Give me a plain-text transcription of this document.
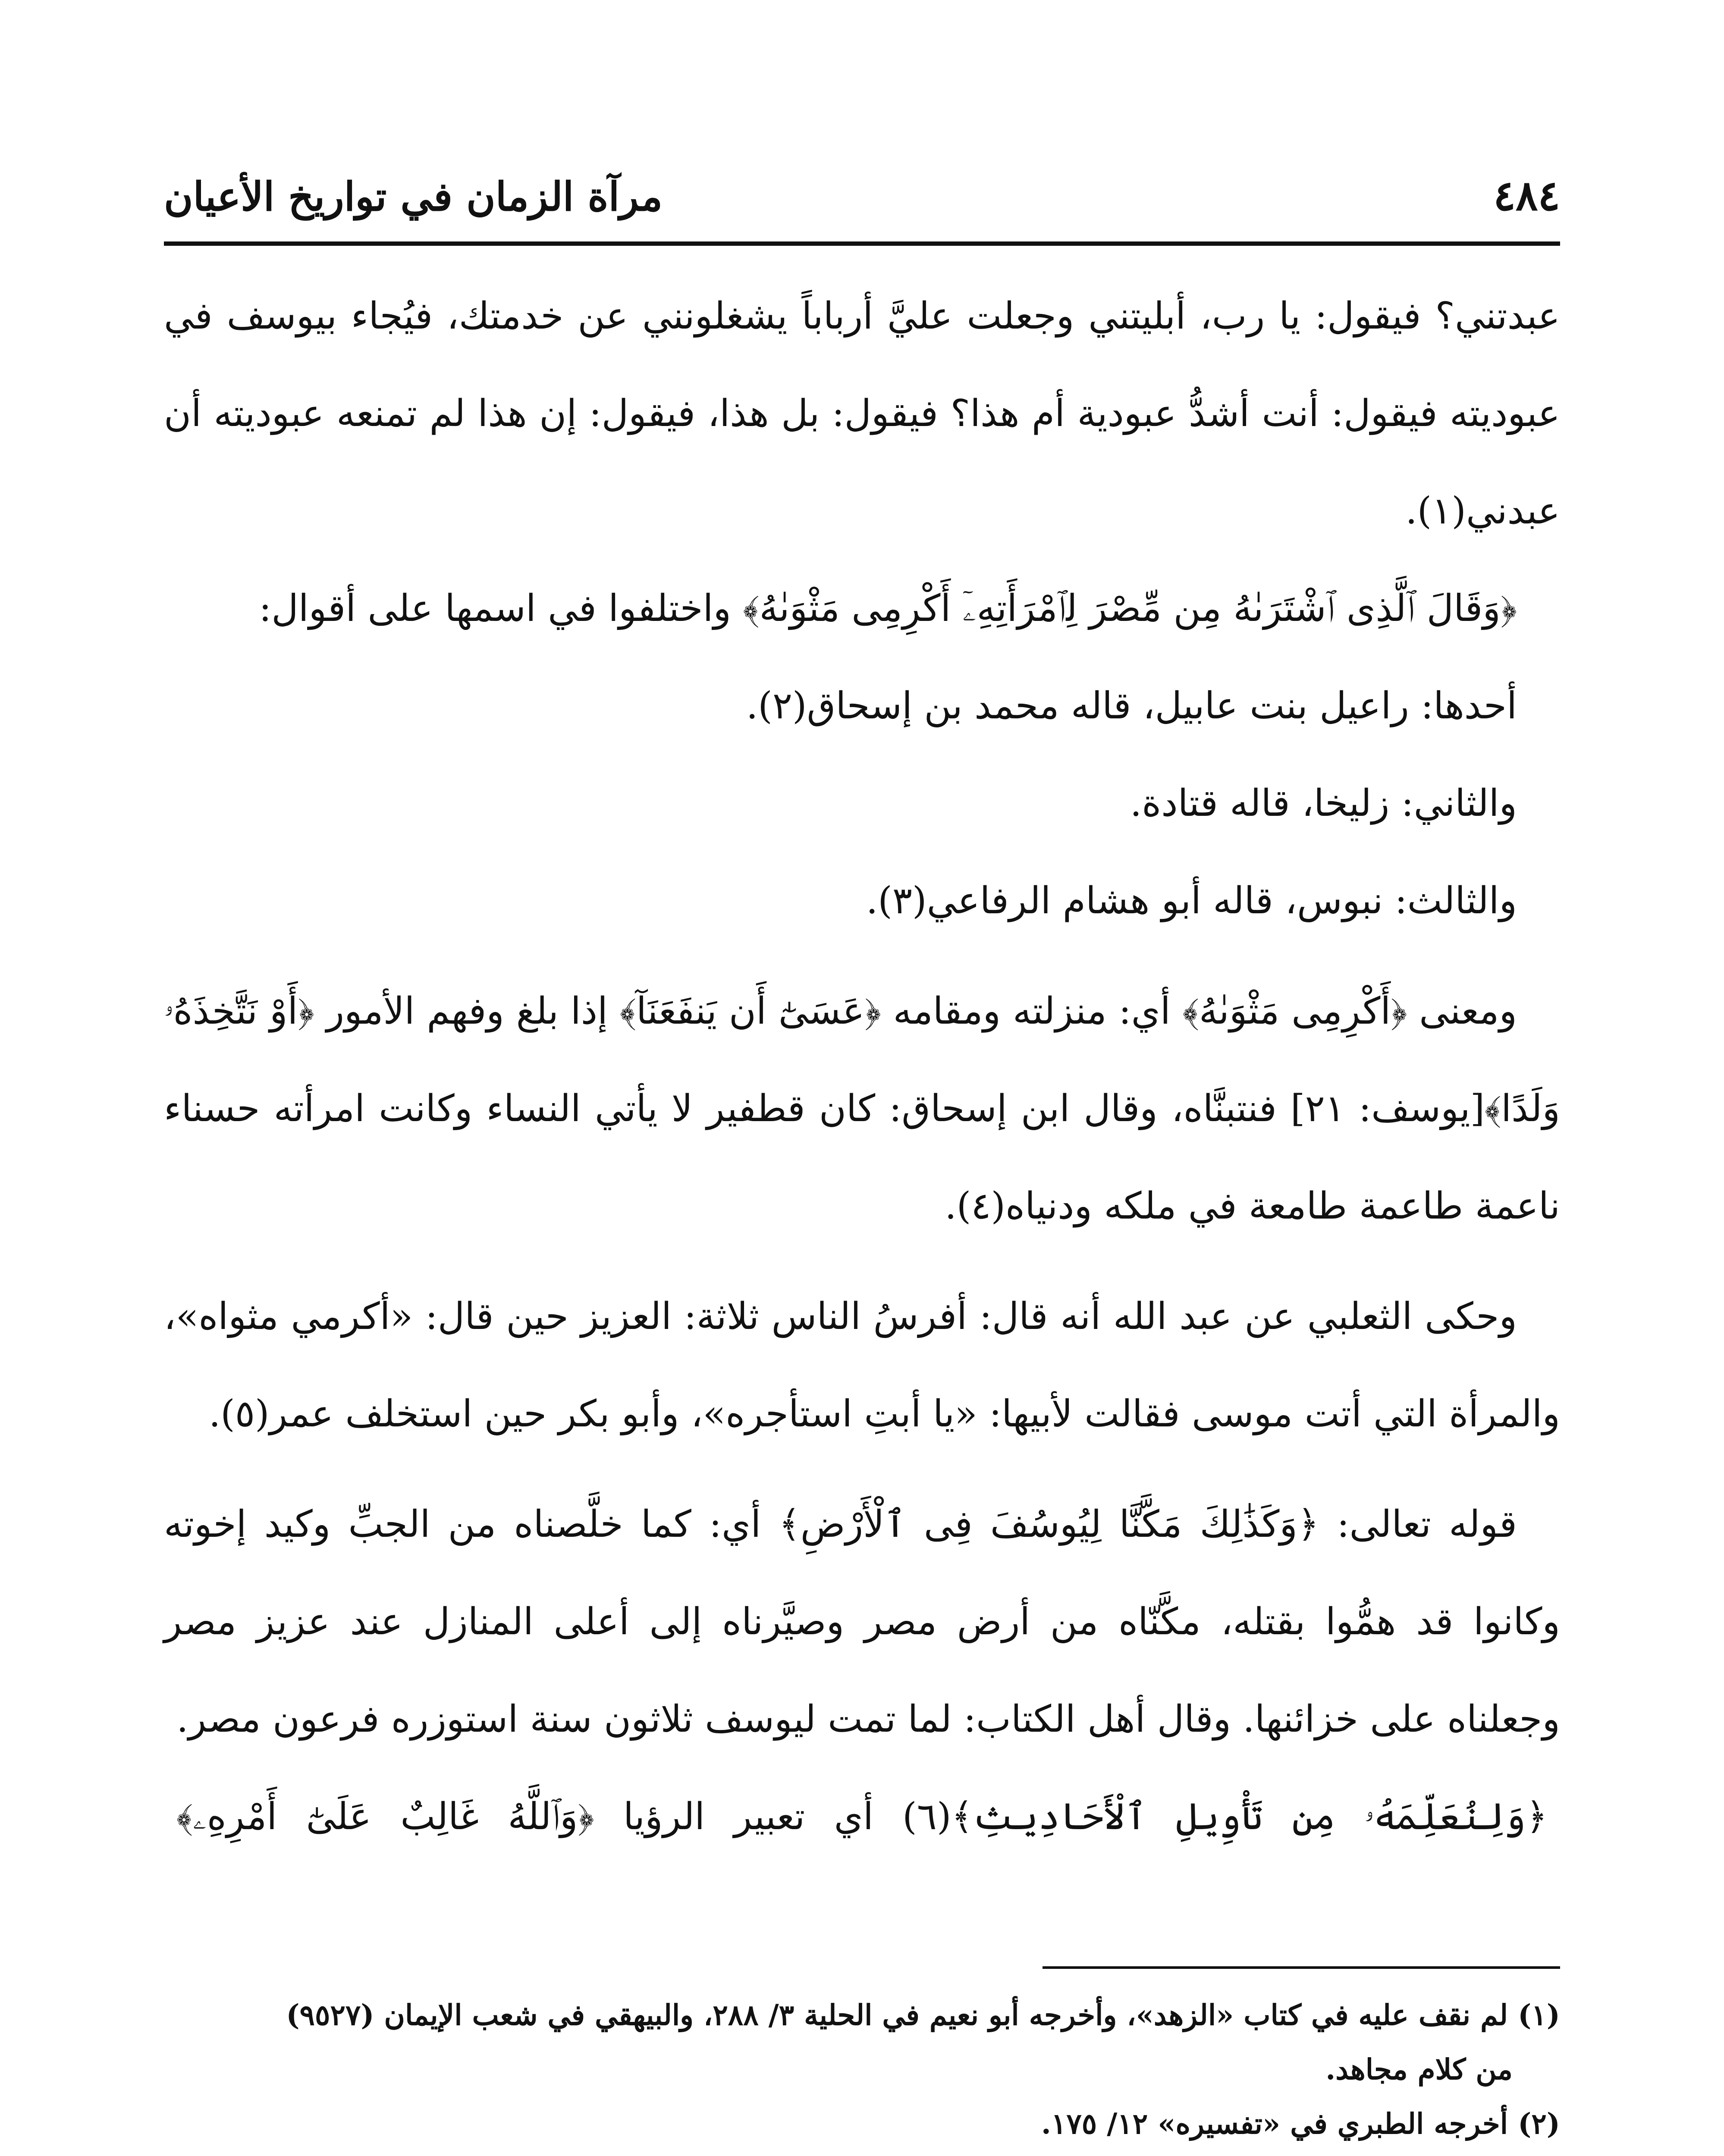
٤٨٤
مرآة الزمان في تواريخ الأعيان

عبدتني؟ فيقول: يا رب، أبليتني وجعلت عليَّ أرباباً يشغلونني عن خدمتك، فيُجاء بيوسف في عبوديته فيقول: أنت أشدُّ عبودية أم هذا؟ فيقول: بل هذا، فيقول: إن هذا لم تمنعه عبوديته أن عبدني(١).

﴿وَقَالَ ٱلَّذِى ٱشْتَرَىٰهُ مِن مِّصْرَ لِٱمْرَأَتِهِۦٓ أَكْرِمِى مَثْوَىٰهُ﴾ واختلفوا في اسمها على أقوال:

أحدها: راعيل بنت عابيل، قاله محمد بن إسحاق(٢).

والثاني: زليخا، قاله قتادة.

والثالث: نبوس، قاله أبو هشام الرفاعي(٣).

ومعنى ﴿أَكْرِمِى مَثْوَىٰهُ﴾ أي: منزلته ومقامه ﴿عَسَىٰٓ أَن يَنفَعَنَآ﴾ إذا بلغ وفهم الأمور ﴿أَوْ نَتَّخِذَهُۥ وَلَدًا﴾[يوسف: ٢١] فنتبنَّاه، وقال ابن إسحاق: كان قطفير لا يأتي النساء وكانت امرأته حسناء ناعمة طاعمة طامعة في ملكه ودنياه(٤).

وحكى الثعلبي عن عبد الله أنه قال: أفرسُ الناس ثلاثة: العزيز حين قال: «أكرمي مثواه»، والمرأة التي أتت موسى فقالت لأبيها: «يا أبتِ استأجره»، وأبو بكر حين استخلف عمر(٥).

قوله تعالى: ﴿وَكَذَٰلِكَ مَكَّنَّا لِيُوسُفَ فِى ٱلْأَرْضِ﴾ أي: كما خلَّصناه من الجبِّ وكيد إخوته وكانوا قد همُّوا بقتله، مكَّنّاه من أرض مصر وصيَّرناه إلى أعلى المنازل عند عزيز مصر وجعلناه على خزائنها. وقال أهل الكتاب: لما تمت ليوسف ثلاثون سنة استوزره فرعون مصر.

﴿وَلِنُعَلِّمَهُۥ مِن تَأْوِيلِ ٱلْأَحَادِيثِ﴾(٦) أي تعبير الرؤيا ﴿وَٱللَّهُ غَالِبٌ عَلَىٰٓ أَمْرِهِۦ﴾

(١) لم نقف عليه في كتاب «الزهد»، وأخرجه أبو نعيم في الحلية ٣/ ٢٨٨، والبيهقي في شعب الإيمان (٩٥٢٧)

من كلام مجاهد.

(٢) أخرجه الطبري في «تفسيره» ١٢/ ١٧٥.
